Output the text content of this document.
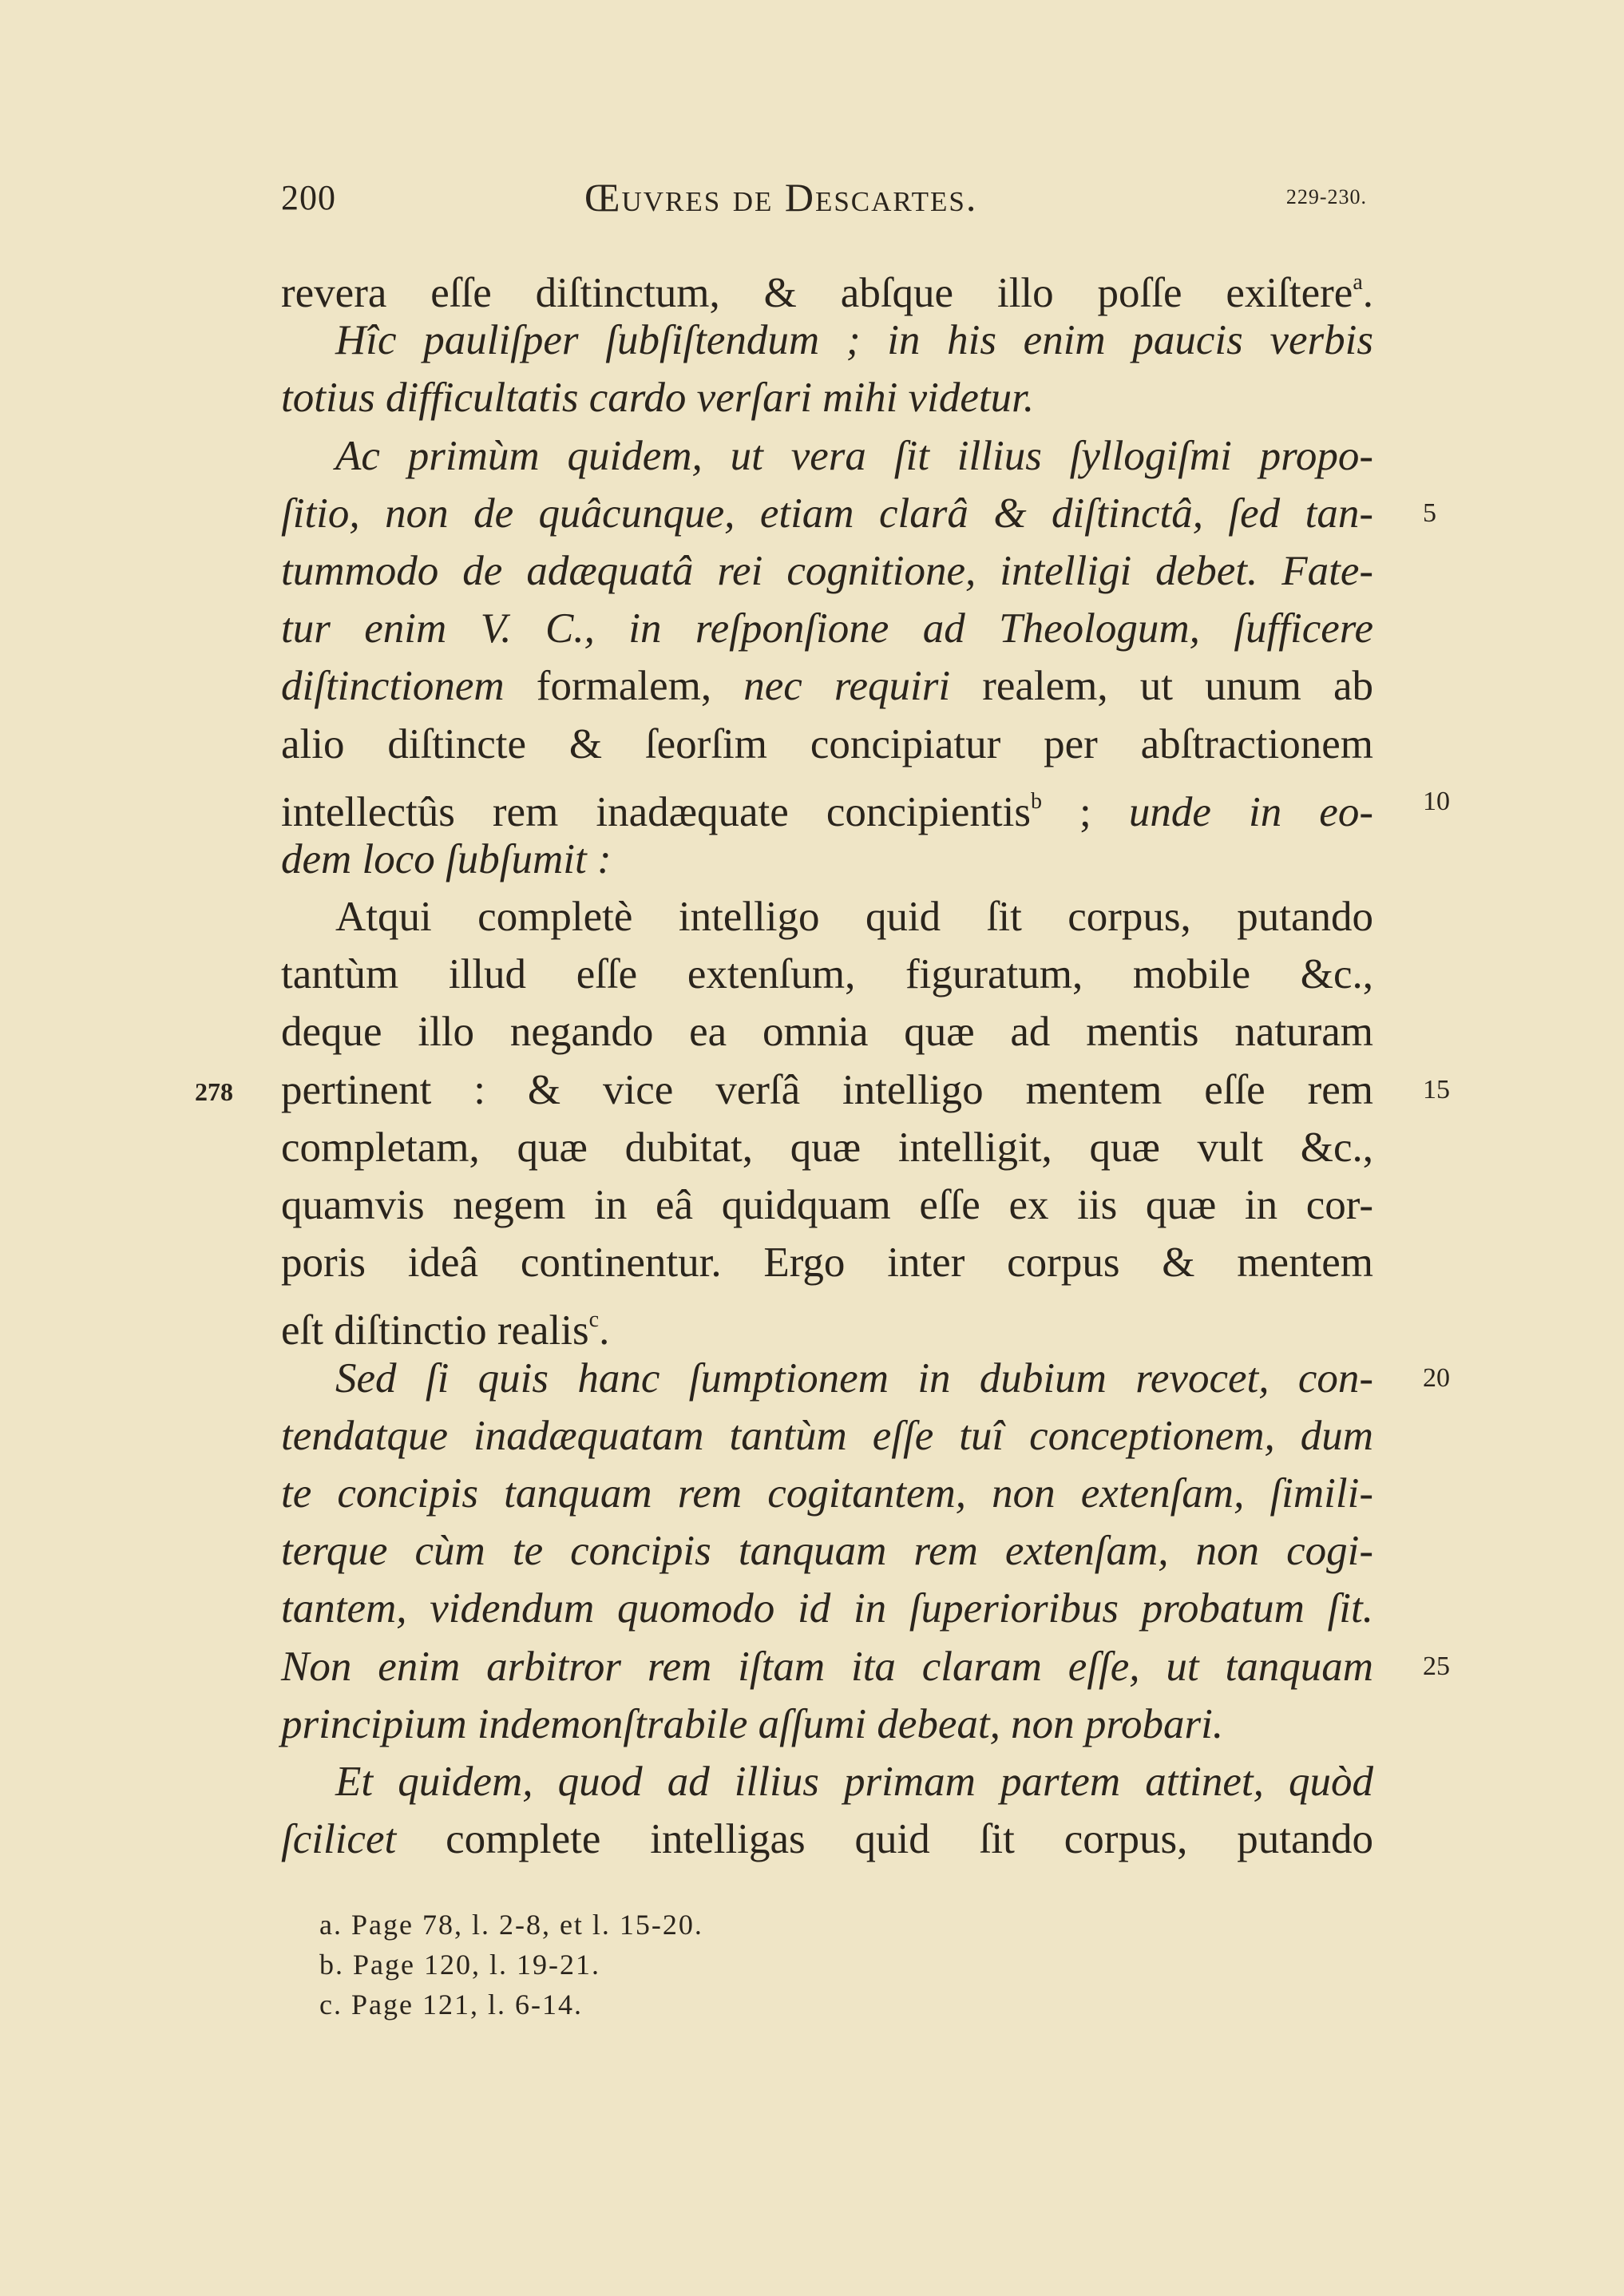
200	Œuvres de Descartes.	229-230.
revera eſſe diſtinctum, & abſque illo poſſe exiſtere$^a$.
Hîc pauliſper ſubſiſtendum ; in his enim paucis verbis
totius difficultatis cardo verſari mihi videtur.
Ac primùm quidem, ut vera ſit illius ſyllogiſmi propo-
ſitio, non de quâcunque, etiam clarâ & diſtinctâ, ſed tan- 5
tummodo de adæquatâ rei cognitione, intelligi debet. Fate-
tur enim V. C., in reſponſione ad Theologum, ſufficere
diſtinctionem formalem, nec requiri realem, ut unum ab
alio diſtincte & ſeorſim concipiatur per abſtractionem
intellectûs rem inadæquate concipientis$^b$ ; unde in eo- 10
dem loco ſubſumit :
Atqui completè intelligo quid ſit corpus, putando
tantùm illud eſſe extenſum, figuratum, mobile &c.,
deque illo negando ea omnia quæ ad mentis naturam
pertinent : & vice verſâ intelligo mentem eſſe rem 15
278
completam, quæ dubitat, quæ intelligit, quæ vult &c.,
quamvis negem in eâ quidquam eſſe ex iis quæ in cor-
poris ideâ continentur. Ergo inter corpus & mentem
eſt diſtinctio realis$^c$.
Sed ſi quis hanc ſumptionem in dubium revocet, con- 20
tendatque inadæquatam tantùm eſſe tuî conceptionem, dum
te concipis tanquam rem cogitantem, non extenſam, ſimili-
terque cùm te concipis tanquam rem extenſam, non cogi-
tantem, videndum quomodo id in ſuperioribus probatum ſit.
Non enim arbitror rem iſtam ita claram eſſe, ut tanquam 25
principium indemonſtrabile aſſumi debeat, non probari.
Et quidem, quod ad illius primam partem attinet, quòd
ſcilicet complete intelligas quid ſit corpus, putando
a. Page 78, l. 2-8, et l. 15-20.
b. Page 120, l. 19-21.
c. Page 121, l. 6-14.
